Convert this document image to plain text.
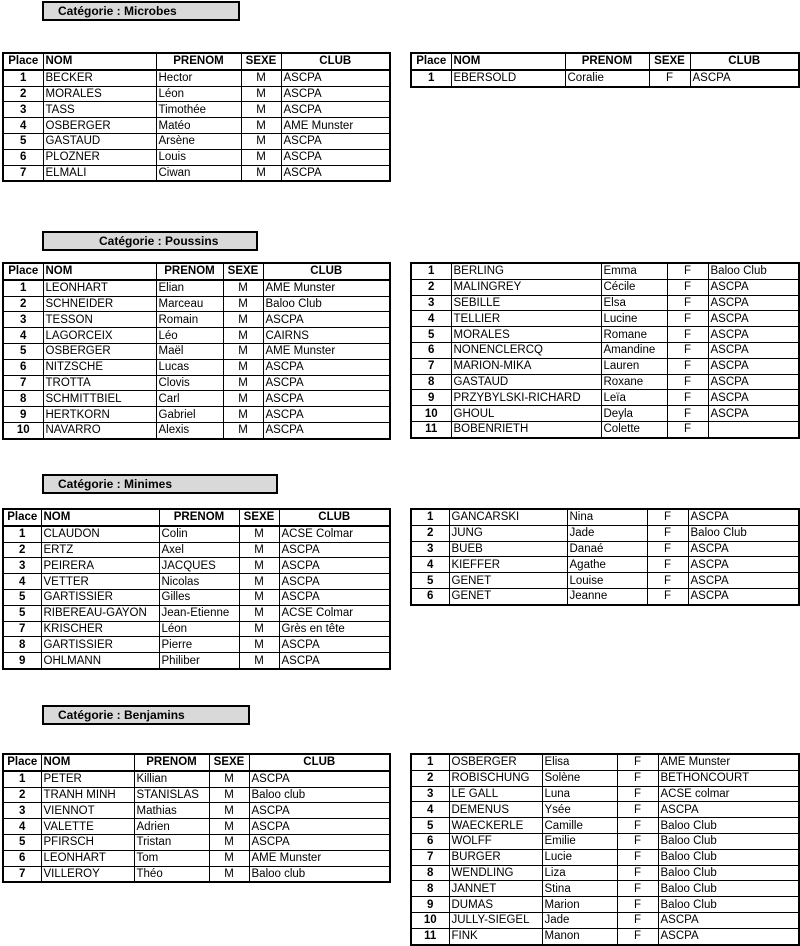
Catégorie : Microbes
Place	NOM	PRENOM	SEXE	CLUB
1	BECKER	Hector	M	ASCPA
2	MORALES	Léon	M	ASCPA
3	TASS	Timothée	M	ASCPA
4	OSBERGER	Matéo	M	AME Munster
5	GASTAUD	Arsène	M	ASCPA
6	PLOZNER	Louis	M	ASCPA
7	ELMALI	Ciwan	M	ASCPA
Place	NOM	PRENOM	SEXE	CLUB
1	EBERSOLD	Coralie	F	ASCPA
Catégorie : Poussins
Place	NOM	PRENOM	SEXE	CLUB
1	LEONHART	Elian	M	AME Munster
2	SCHNEIDER	Marceau	M	Baloo Club
3	TESSON	Romain	M	ASCPA
4	LAGORCEIX	Léo	M	CAIRNS
5	OSBERGER	Maël	M	AME Munster
6	NITZSCHE	Lucas	M	ASCPA
7	TROTTA	Clovis	M	ASCPA
8	SCHMITTBIEL	Carl	M	ASCPA
9	HERTKORN	Gabriel	M	ASCPA
10	NAVARRO	Alexis	M	ASCPA
1	BERLING	Emma	F	Baloo Club
2	MALINGREY	Cécile	F	ASCPA
3	SEBILLE	Elsa	F	ASCPA
4	TELLIER	Lucine	F	ASCPA
5	MORALES	Romane	F	ASCPA
6	NONENCLERCQ	Amandine	F	ASCPA
7	MARION-MIKA	Lauren	F	ASCPA
8	GASTAUD	Roxane	F	ASCPA
9	PRZYBYLSKI-RICHARD	Leïa	F	ASCPA
10	GHOUL	Deyla	F	ASCPA
11	BOBENRIETH	Colette	F	
Catégorie : Minimes
Place	NOM	PRENOM	SEXE	CLUB
1	CLAUDON	Colin	M	ACSE Colmar
2	ERTZ	Axel	M	ASCPA
3	PEIRERA	JACQUES	M	ASCPA
4	VETTER	Nicolas	M	ASCPA
5	GARTISSIER	Gilles	M	ASCPA
5	RIBEREAU-GAYON	Jean-Etienne	M	ACSE Colmar
7	KRISCHER	Léon	M	Grès en tête
8	GARTISSIER	Pierre	M	ASCPA
9	OHLMANN	Philiber	M	ASCPA
1	GANCARSKI	Nina	F	ASCPA
2	JUNG	Jade	F	Baloo Club
3	BUEB	Danaé	F	ASCPA
4	KIEFFER	Agathe	F	ASCPA
5	GENET	Louise	F	ASCPA
6	GENET	Jeanne	F	ASCPA
Catégorie : Benjamins
Place	NOM	PRENOM	SEXE	CLUB
1	PETER	Killian	M	ASCPA
2	TRANH MINH	STANISLAS	M	Baloo club
3	VIENNOT	Mathias	M	ASCPA
4	VALETTE	Adrien	M	ASCPA
5	PFIRSCH	Tristan	M	ASCPA
6	LEONHART	Tom	M	AME Munster
7	VILLEROY	Théo	M	Baloo club
1	OSBERGER	Elisa	F	AME Munster
2	ROBISCHUNG	Solène	F	BETHONCOURT
3	LE GALL	Luna	F	ACSE colmar
4	DEMENUS	Ysée	F	ASCPA
5	WAECKERLE	Camille	F	Baloo Club
6	WOLFF	Emilie	F	Baloo Club
7	BURGER	Lucie	F	Baloo Club
8	WENDLING	Liza	F	Baloo Club
8	JANNET	Stina	F	Baloo Club
9	DUMAS	Marion	F	Baloo Club
10	JULLY-SIEGEL	Jade	F	ASCPA
11	FINK	Manon	F	ASCPA
